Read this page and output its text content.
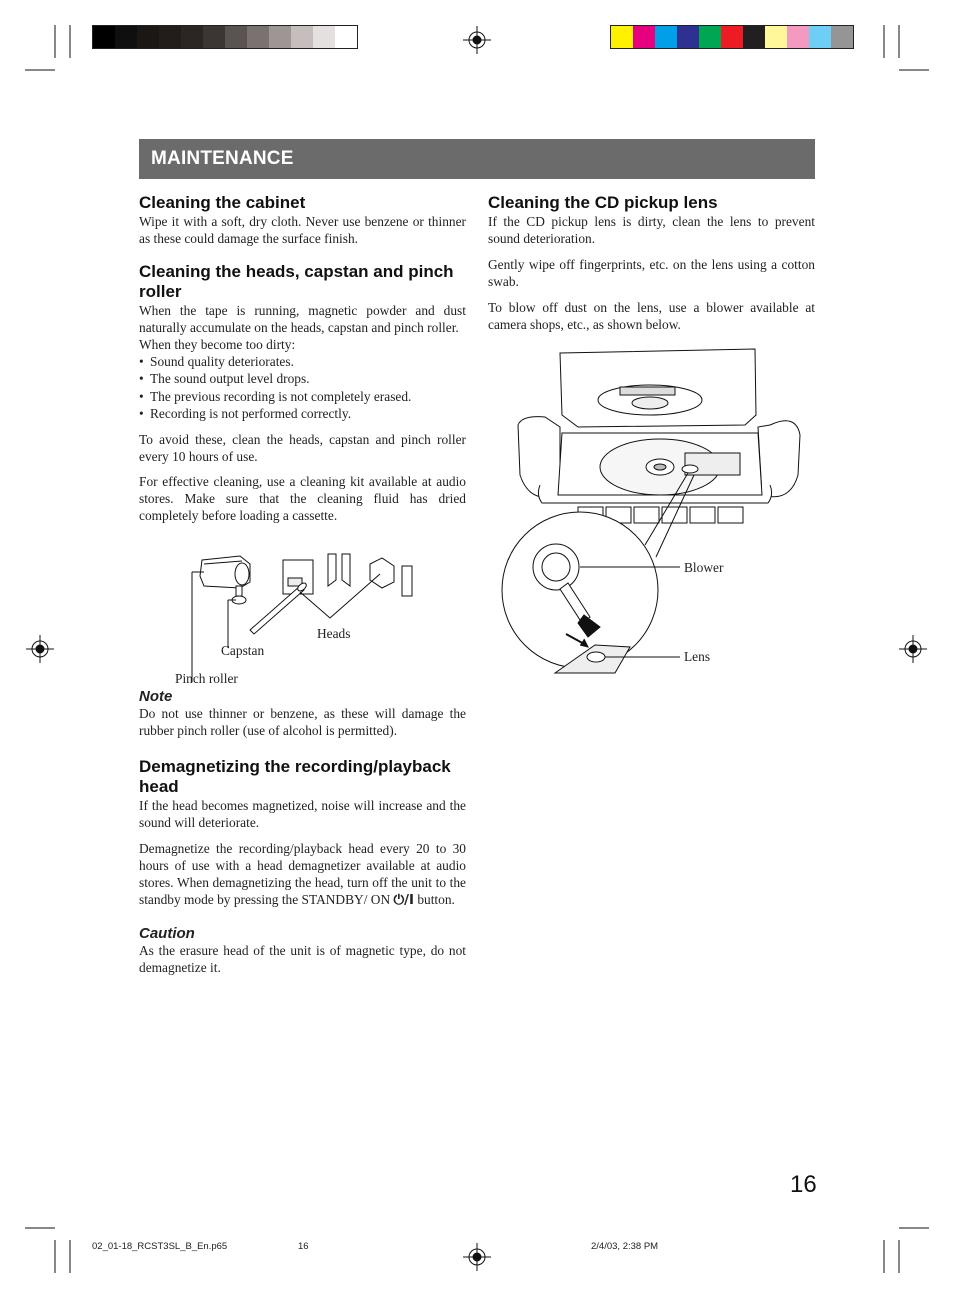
MAINTENANCE
Cleaning the cabinet

Wipe it with a soft, dry cloth. Never use benzene or thinner as these could damage the surface finish.

Cleaning the heads, capstan and pinch roller

When the tape is running, magnetic powder and dust naturally accumulate on the heads, capstan and pinch roller.

When they become too dirty:

• Sound quality deteriorates.
• The sound output level drops.
• The previous recording is not completely erased.
• Recording is not performed correctly.

To avoid these, clean the heads, capstan and pinch roller every 10 hours of use.

For effective cleaning, use a cleaning kit available at audio stores. Make sure that the cleaning fluid has dried completely before loading a cassette.

Heads
Capstan
Pinch roller
Note

Do not use thinner or benzene, as these will damage the rubber pinch roller (use of alcohol is permitted).

Demagnetizing the recording/playback head

If the head becomes magnetized, noise will increase and the sound will deteriorate.

Demagnetize the recording/playback head every 20 to 30 hours of use with a head demagnetizer available at audio stores. When demagnetizing the head, turn off the unit to the standby mode by pressing the STANDBY/ ON ⏻/I button.

Caution

As the erasure head of the unit is of magnetic type, do not demagnetize it.

Cleaning the CD pickup lens

If the CD pickup lens is dirty, clean the lens to prevent sound deterioration.

Gently wipe off fingerprints, etc. on the lens using a cotton swab.

To blow off dust on the lens, use a blower available at camera shops, etc., as shown below.

Blower
Lens
16
02_01-18_RCST3SL_B_En.p65	16	2/4/03, 2:38 PM
